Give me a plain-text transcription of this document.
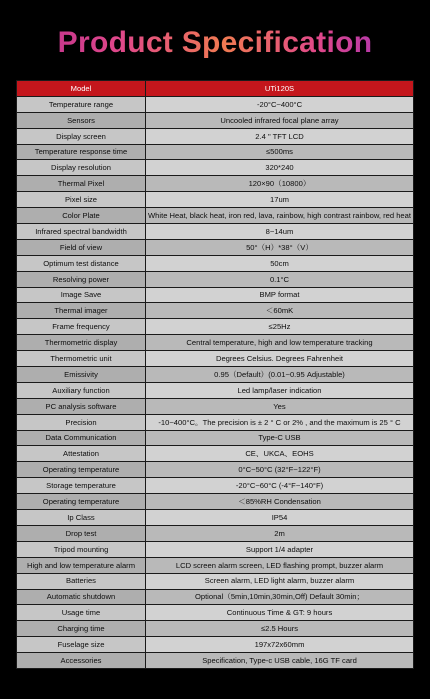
Product Specification
Model	UTi120S
Temperature range	-20°C~400°C
Sensors	Uncooled infrared focal plane array
Display screen	2.4 " TFT LCD
Temperature response time	≤500ms
Display resolution	320*240
Thermal Pixel	120×90（10800）
Pixel size	17um
Color Plate	White Heat, black heat, iron red, lava, rainbow, high contrast rainbow, red heat
Infrared spectral bandwidth	8~14um
Field of view	50°（H）*38°（V）
Optimum test distance	50cm
Resolving power	0.1°C
Image Save	BMP format
Thermal imager	＜60mK
Frame frequency	≤25Hz
Thermometric display	Central temperature, high and low temperature tracking
Thermometric unit	Degrees Celsius. Degrees Fahrenheit
Emissivity	0.95（Default）(0.01~0.95 Adjustable)
Auxiliary function	Led lamp/laser indication
PC analysis software	Yes
Precision	-10~400°C。The precision is ± 2 ° C or 2% , and the maximum is 25 ° C
Data Communication	Type-C USB
Attestation	CE、UKCA、EOHS
Operating temperature	0°C~50°C (32°F~122°F)
Storage temperature	-20°C~60°C (-4°F~140°F)
Operating temperature	＜85%RH Condensation
Ip Class	IP54
Drop test	2m
Tripod mounting	Support 1/4 adapter
High and low temperature alarm	LCD screen alarm screen, LED flashing prompt, buzzer alarm
Batteries	Screen alarm, LED light alarm, buzzer alarm
Automatic shutdown	Optional（5min,10min,30min,Off) Default 30min；
Usage time	Continuous Time & GT: 9 hours
Charging time	≤2.5 Hours
Fuselage size	197x72x60mm
Accessories	Specification, Type-c USB cable, 16G TF card
